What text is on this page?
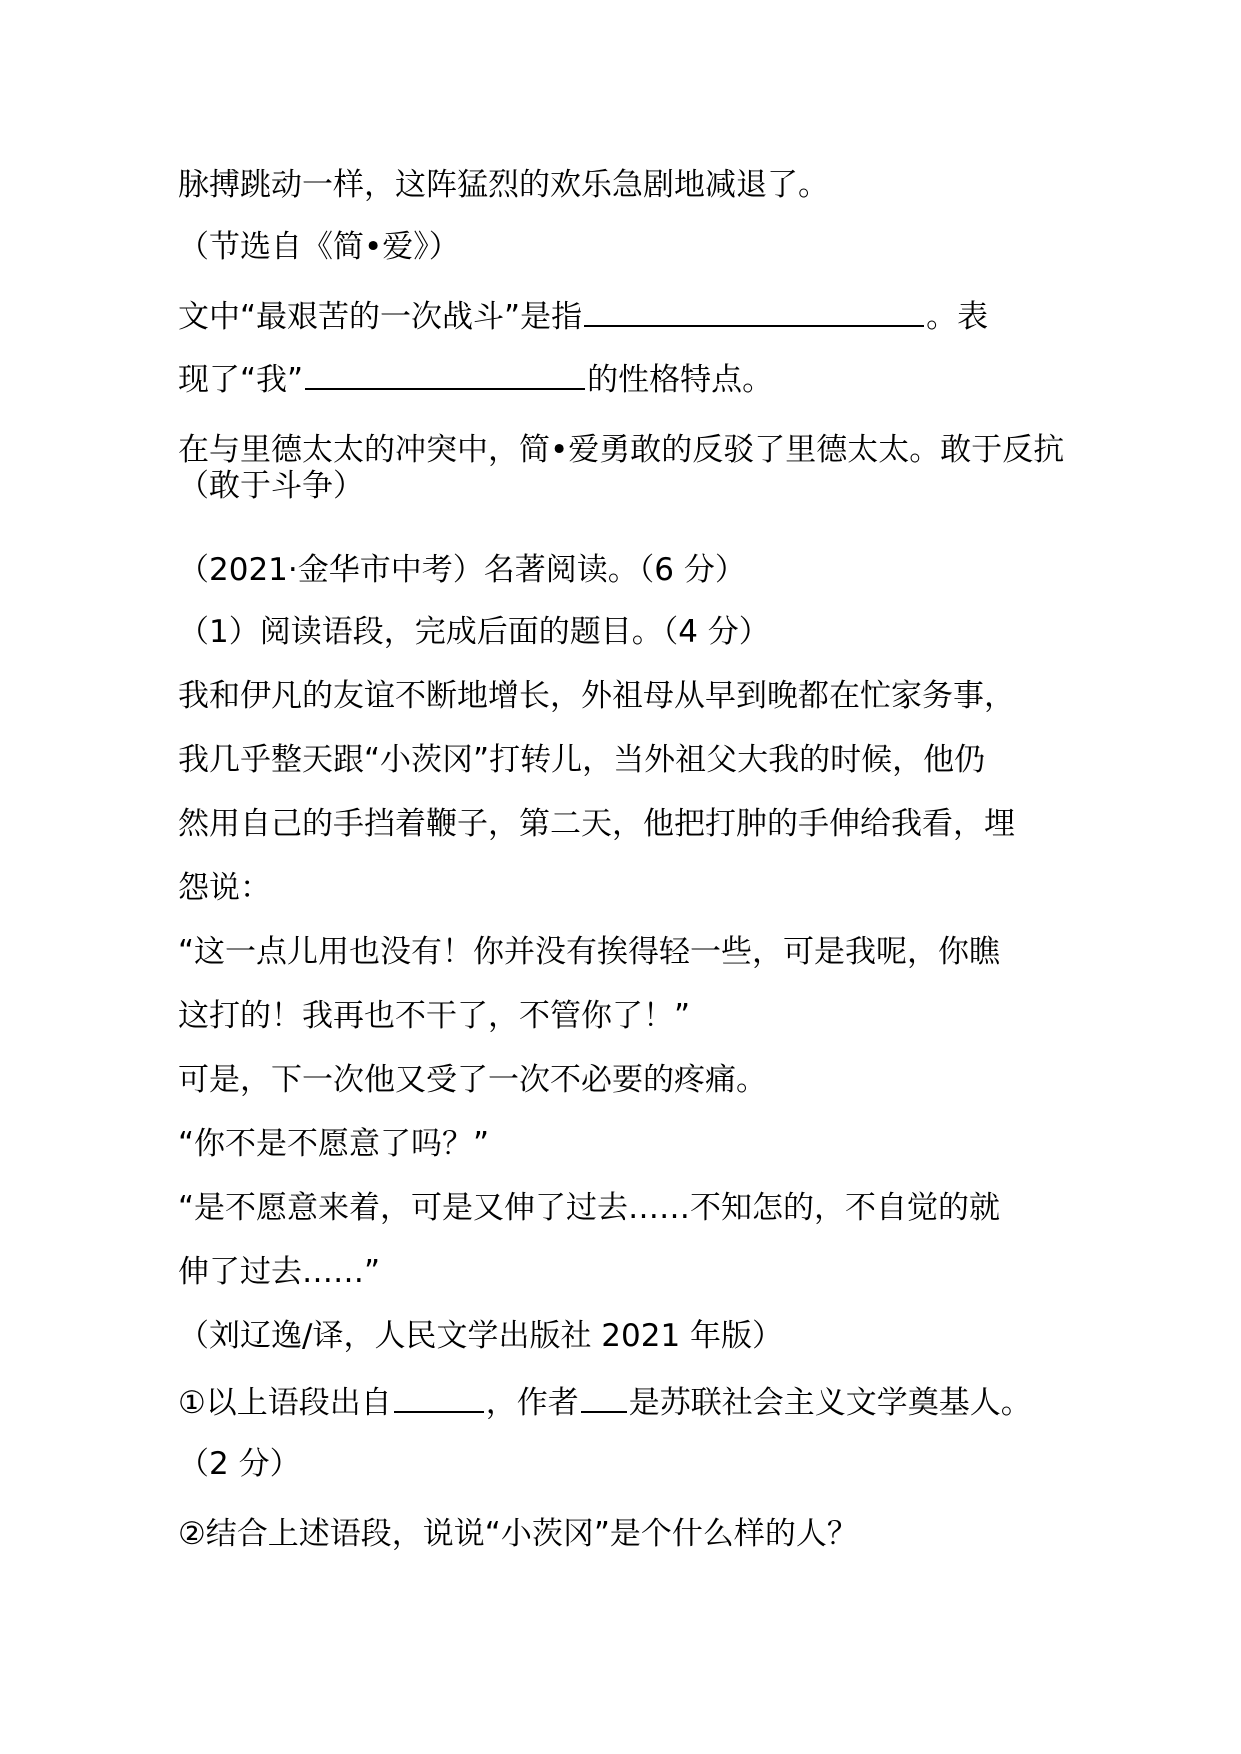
脉搏跳动一样，这阵猛烈的欢乐急剧地减退了。
（节选自《简•爱》）
文中“最艰苦的一次战斗”是指	。表
现了“我”	的性格特点。
在与里德太太的冲突中，简•爱勇敢的反驳了里德太太。敢于反抗（敢于斗争）
（2021·金华市中考）名著阅读。（6 分）
（1）阅读语段，完成后面的题目。（4 分）
我和伊凡的友谊不断地增长，外祖母从早到晚都在忙家务事，
我几乎整天跟“小茨冈”打转儿，当外祖父大我的时候，他仍
然用自己的手挡着鞭子，第二天，他把打肿的手伸给我看，埋
怨说：
“这一点儿用也没有！你并没有挨得轻一些，可是我呢，你瞧
这打的！我再也不干了，不管你了！”
可是，下一次他又受了一次不必要的疼痛。
“你不是不愿意了吗？”
“是不愿意来着，可是又伸了过去……不知怎的，不自觉的就
伸了过去……”
（刘辽逸/译，人民文学出版社 2021 年版）
①以上语段出自	，作者 是苏联社会主义文学奠基人。
（2 分）
②结合上述语段，说说“小茨冈”是个什么样的人？
